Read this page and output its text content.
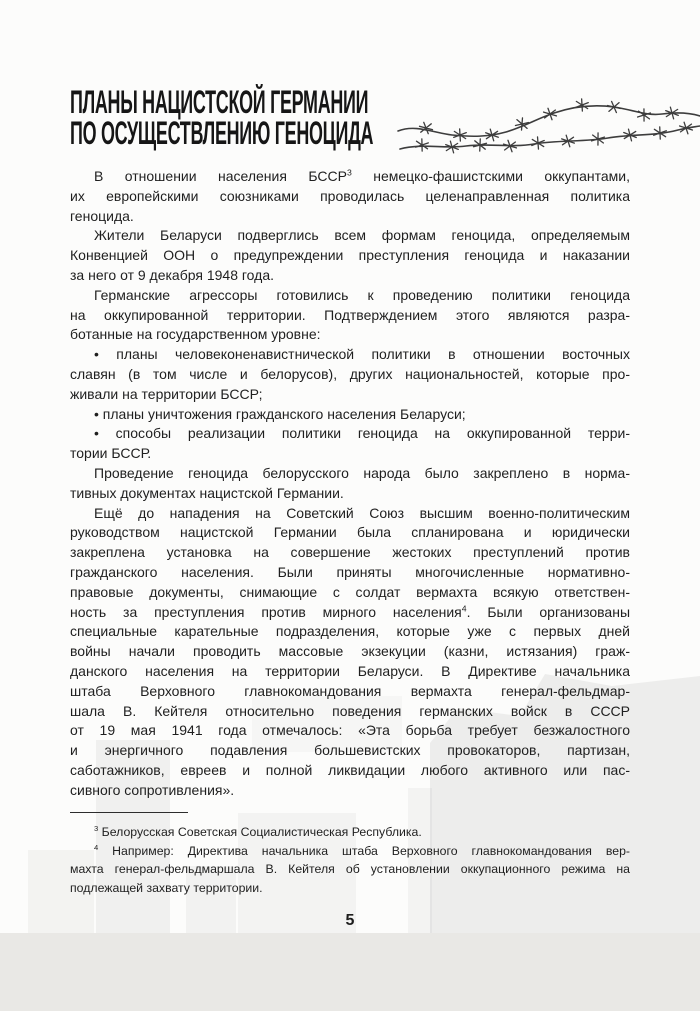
ПЛАНЫ НАЦИСТСКОЙ ГЕРМАНИИ
ПО ОСУЩЕСТВЛЕНИЮ ГЕНОЦИДА
В отношении населения БССР$^3$ немецко-фашистскими оккупантами,
их европейскими союзниками проводилась целенаправленная политика
геноцида.
Жители Беларуси подверглись всем формам геноцида, определяемым
Конвенцией ООН о предупреждении преступления геноцида и наказании
за него от 9 декабря 1948 года.
Германские агрессоры готовились к проведению политики геноцида
на оккупированной территории. Подтверждением этого являются разра-
ботанные на государственном уровне:
• планы человеконенавистнической политики в отношении восточных
славян (в том числе и белорусов), других национальностей, которые про-
живали на территории БССР;
• планы уничтожения гражданского населения Беларуси;
• способы реализации политики геноцида на оккупированной терри-
тории БССР.
Проведение геноцида белорусского народа было закреплено в норма-
тивных документах нацистской Германии.
Ещё до нападения на Советский Союз высшим военно-политическим
руководством нацистской Германии была спланирована и юридически
закреплена установка на совершение жестоких преступлений против
гражданского населения. Были приняты многочисленные нормативно-
правовые документы, снимающие с солдат вермахта всякую ответствен-
ность за преступления против мирного населения$^4$. Были организованы
специальные карательные подразделения, которые уже с первых дней
войны начали проводить массовые экзекуции (казни, истязания) граж-
данского населения на территории Беларуси. В Директиве начальника
штаба Верховного главнокомандования вермахта генерал-фельдмар-
шала В. Кейтеля относительно поведения германских войск в СССР
от 19 мая 1941 года отмечалось: «Эта борьба требует безжалостного
и энергичного подавления большевистских провокаторов, партизан,
саботажников, евреев и полной ликвидации любого активного или пас-
сивного сопротивления».
$^3$ Белорусская Советская Социалистическая Республика.
$^4$ Например: Директива начальника штаба Верховного главнокомандования вер-
махта генерал-фельдмаршала В. Кейтеля об установлении оккупационного режима на
подлежащей захвату территории.
5
